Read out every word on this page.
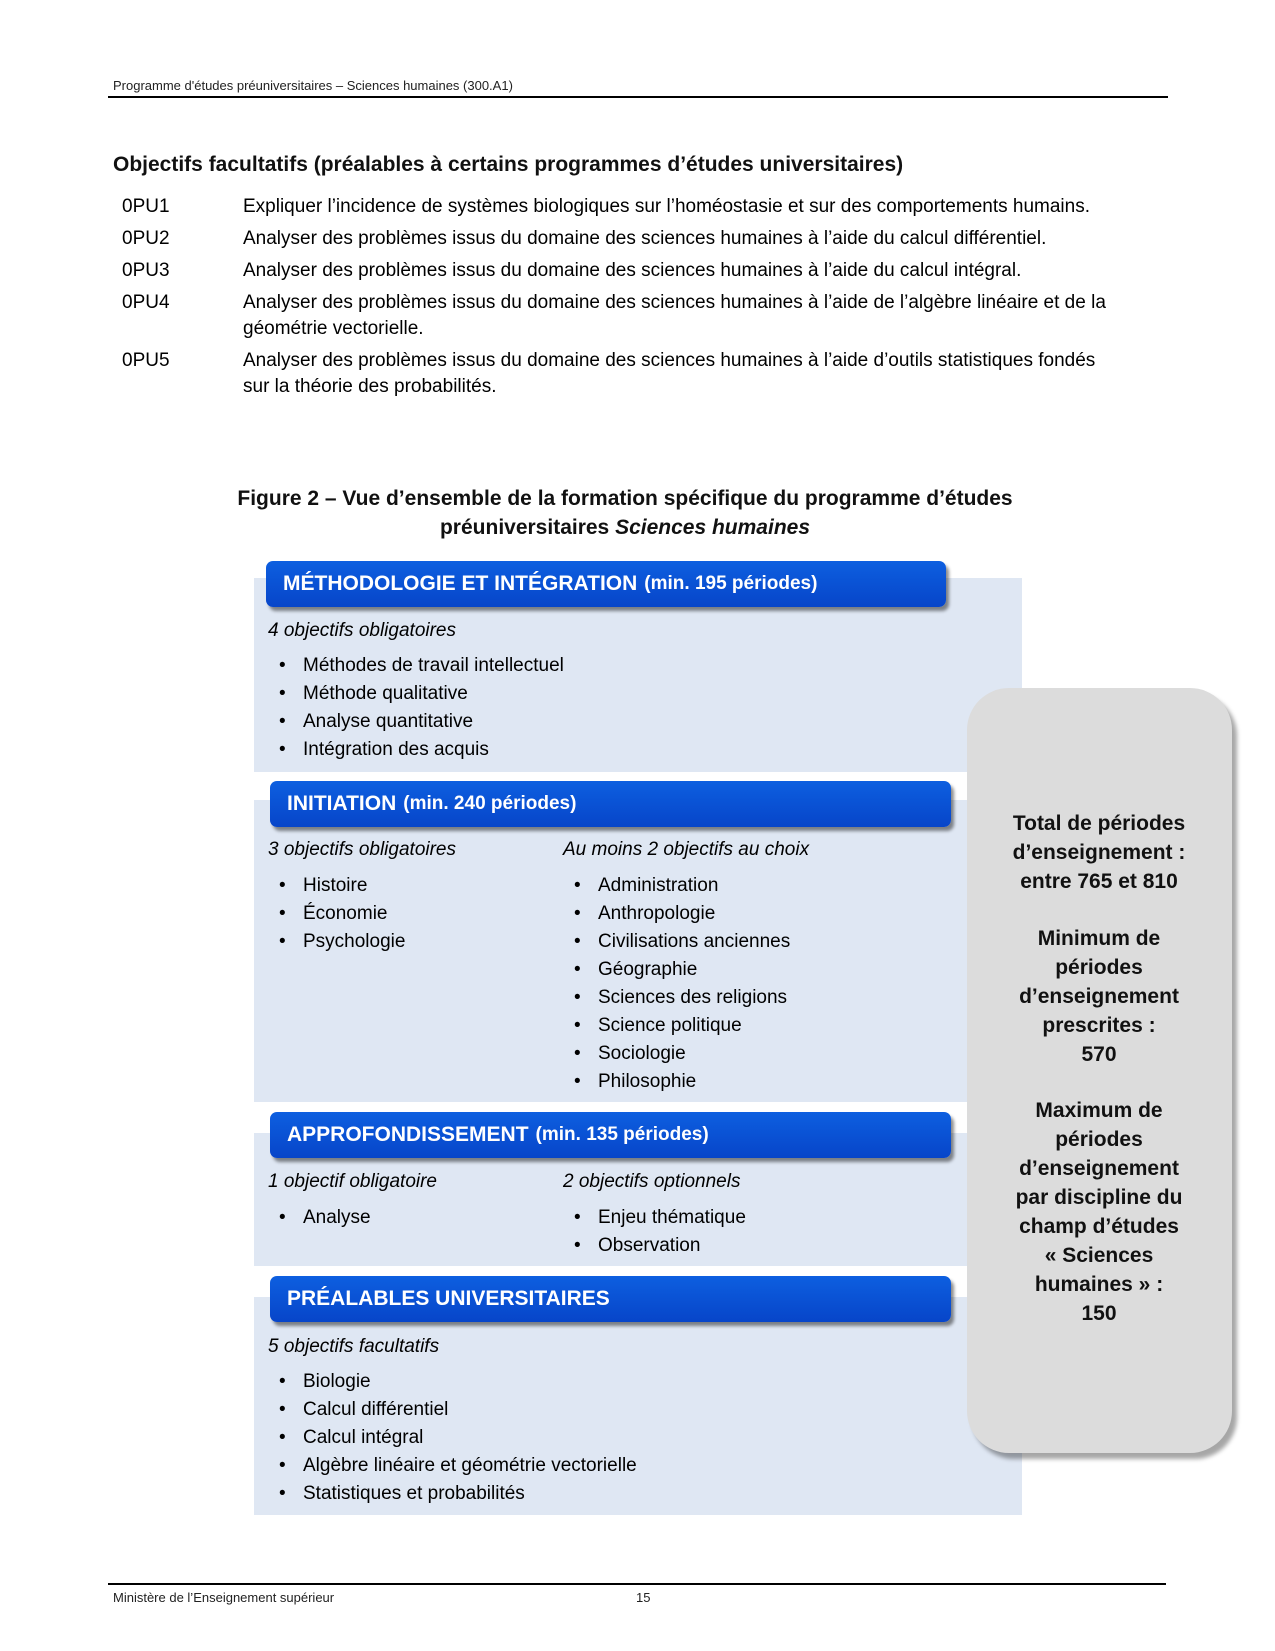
Programme d'études préuniversitaires – Sciences humaines (300.A1)
Objectifs facultatifs (préalables à certains programmes d’études universitaires)
0PU1	Expliquer l’incidence de systèmes biologiques sur l’homéostasie et sur des comportements humains.
0PU2	Analyser des problèmes issus du domaine des sciences humaines à l’aide du calcul différentiel.
0PU3	Analyser des problèmes issus du domaine des sciences humaines à l’aide du calcul intégral.
0PU4	Analyser des problèmes issus du domaine des sciences humaines à l’aide de l’algèbre linéaire et de la géométrie vectorielle.
0PU5	Analyser des problèmes issus du domaine des sciences humaines à l’aide d’outils statistiques fondés sur la théorie des probabilités.
Figure 2 – Vue d’ensemble de la formation spécifique du programme d’études
préuniversitaires Sciences humaines
Total de périodes
d’enseignement :
entre 765 et 810
Minimum de
périodes
d’enseignement
prescrites :
570
Maximum de
périodes
d’enseignement
par discipline du
champ d’études
« Sciences
humaines » :
150
MÉTHODOLOGIE ET INTÉGRATION (min. 195 périodes)
4 objectifs obligatoires
• Méthodes de travail intellectuel
• Méthode qualitative
• Analyse quantitative
• Intégration des acquis
INITIATION (min. 240 périodes)
3 objectifs obligatoires	Au moins 2 objectifs au choix
• Histoire
• Économie
• Psychologie
• Administration
• Anthropologie
• Civilisations anciennes
• Géographie
• Sciences des religions
• Science politique
• Sociologie
• Philosophie
APPROFONDISSEMENT (min. 135 périodes)
1 objectif obligatoire	2 objectifs optionnels
• Analyse
•	Enjeu thématique
• Observation
PRÉALABLES UNIVERSITAIRES
5 objectifs facultatifs
• Biologie
• Calcul différentiel
• Calcul intégral
• Algèbre linéaire et géométrie vectorielle
• Statistiques et probabilités
Ministère de l’Enseignement supérieur	15
